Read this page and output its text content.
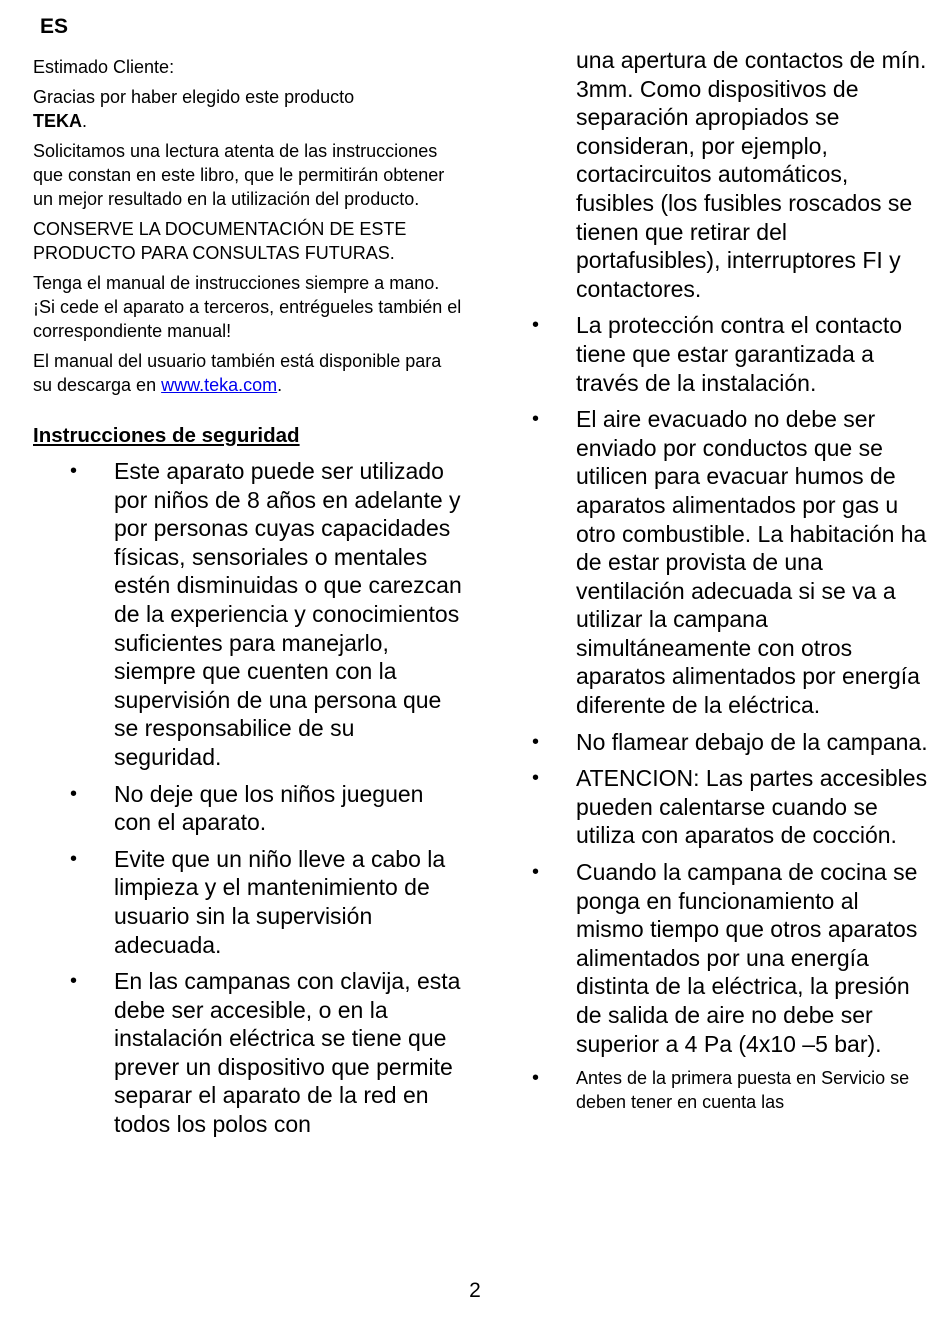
ES

Estimado Cliente:

Gracias por haber elegido este producto
TEKA.

Solicitamos una lectura atenta de las instrucciones que constan en este libro, que le permitirán obtener un mejor resultado en la utilización del producto.

CONSERVE LA DOCUMENTACIÓN DE ESTE PRODUCTO PARA CONSULTAS FUTURAS.

Tenga el manual de instrucciones siempre a mano. ¡Si cede el aparato a terceros, entrégueles también el correspondiente manual!

El manual del usuario también está disponible para su descarga en www.teka.com.

Instrucciones de seguridad
• Este aparato puede ser utilizado por niños de 8 años en adelante y por personas cuyas capacidades físicas, sensoriales o mentales estén disminuidas o que carezcan de la experiencia y conocimientos suficientes para manejarlo, siempre que cuenten con la supervisión de una persona que se responsabilice de su seguridad.
• No deje que los niños jueguen con el aparato.
• Evite que un niño lleve a cabo la limpieza y el mantenimiento de usuario sin la supervisión adecuada.
• En las campanas con clavija, esta debe ser accesible, o en la instalación eléctrica se tiene que prever un dispositivo que permite separar el aparato de la red en todos los polos con

una apertura de contactos de mín. 3mm. Como dispositivos de separación apropiados se consideran, por ejemplo, cortacircuitos automáticos, fusibles (los fusibles roscados se tienen que retirar del portafusibles), interruptores FI y contactores.

• La protección contra el contacto tiene que estar garantizada a través de la instalación.
• El aire evacuado no debe ser enviado por conductos que se utilicen para evacuar humos de aparatos alimentados por gas u otro combustible. La habitación ha de estar provista de una ventilación adecuada si se va a utilizar la campana simultáneamente con otros aparatos alimentados por energía diferente de la eléctrica.
• No flamear debajo de la campana.
• ATENCION: Las partes accesibles pueden calentarse cuando se utiliza con aparatos de cocción.
• Cuando la campana de cocina se ponga en funcionamiento al mismo tiempo que otros aparatos alimentados por una energía distinta de la eléctrica, la presión de salida de aire no debe ser superior a 4 Pa (4x10 –5 bar).
• Antes de la primera puesta en Servicio se deben tener en cuenta las
2
